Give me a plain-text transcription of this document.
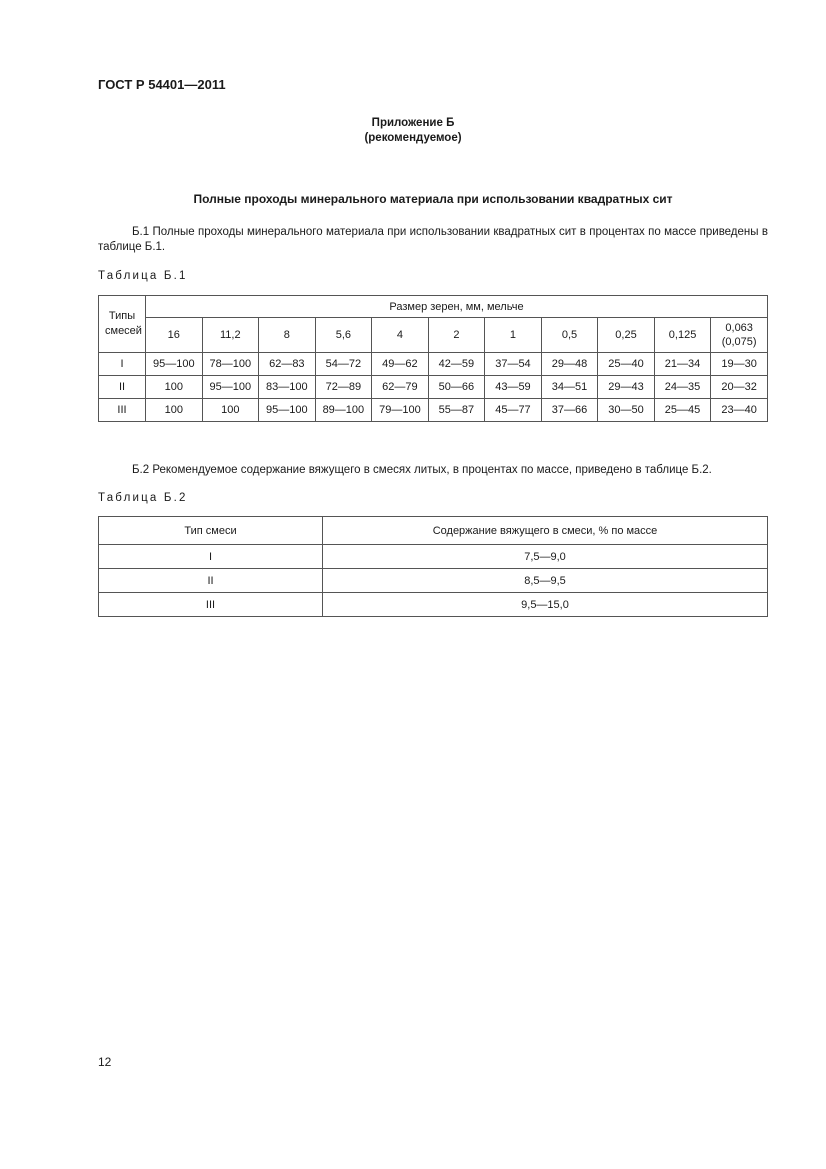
ГОСТ Р 54401—2011
Приложение Б
(рекомендуемое)
Полные проходы минерального материала при использовании квадратных сит
Б.1 Полные проходы минерального материала при использовании квадратных сит в процентах по массе приведены в таблице Б.1.
Таблица Б.1
Типы смесей	Размер зерен, мм, мельче										
	16	11,2	8	5,6	4	2	1	0,5	0,25	0,125	0,063
(0,075)

I	95—100	78—100	62—83	54—72	49—62	42—59	37—54	29—48	25—40	21—34	19—30
II	100	95—100	83—100	72—89	62—79	50—66	43—59	34—51	29—43	24—35	20—32
III	100	100	95—100	89—100	79—100	55—87	45—77	37—66	30—50	25—45	23—40
Б.2 Рекомендуемое содержание вяжущего в смесях литых, в процентах по массе, приведено в таблице Б.2.
Таблица Б.2
Тип смеси	Содержание вяжущего в смеси, % по массе
I	7,5—9,0
II	8,5—9,5
III	9,5—15,0
12
